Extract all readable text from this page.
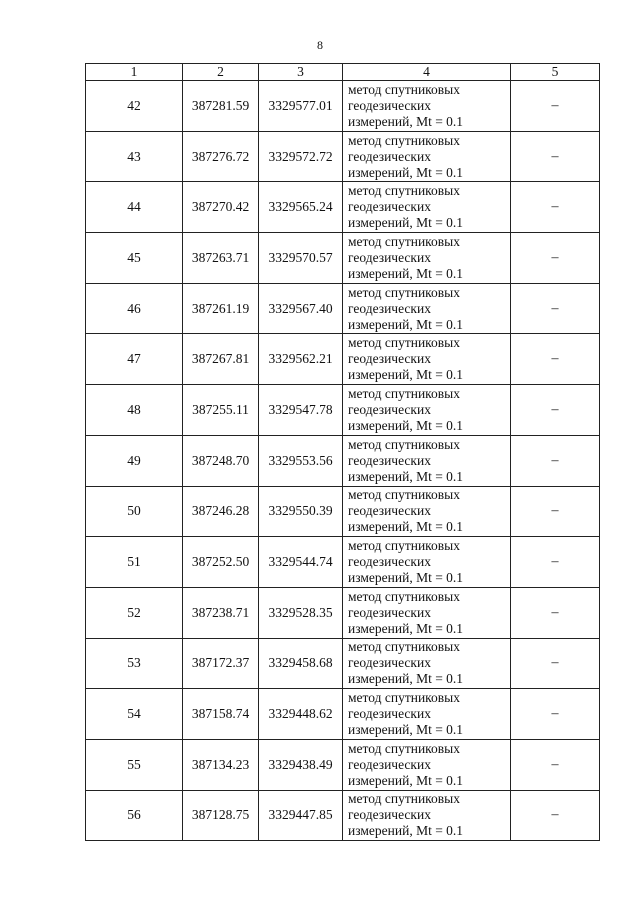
8
1	2	3	4	5
42	387281.59	3329577.01	метод спутниковых
геодезических
измерений, Mt = 0.1	–
43	387276.72	3329572.72	метод спутниковых
геодезических
измерений, Mt = 0.1	–
44	387270.42	3329565.24	метод спутниковых
геодезических
измерений, Mt = 0.1	–
45	387263.71	3329570.57	метод спутниковых
геодезических
измерений, Mt = 0.1	–
46	387261.19	3329567.40	метод спутниковых
геодезических
измерений, Mt = 0.1	–
47	387267.81	3329562.21	метод спутниковых
геодезических
измерений, Mt = 0.1	–
48	387255.11	3329547.78	метод спутниковых
геодезических
измерений, Mt = 0.1	–
49	387248.70	3329553.56	метод спутниковых
геодезических
измерений, Mt = 0.1	–
50	387246.28	3329550.39	метод спутниковых
геодезических
измерений, Mt = 0.1	–
51	387252.50	3329544.74	метод спутниковых
геодезических
измерений, Mt = 0.1	–
52	387238.71	3329528.35	метод спутниковых
геодезических
измерений, Mt = 0.1	–
53	387172.37	3329458.68	метод спутниковых
геодезических
измерений, Mt = 0.1	–
54	387158.74	3329448.62	метод спутниковых
геодезических
измерений, Mt = 0.1	–
55	387134.23	3329438.49	метод спутниковых
геодезических
измерений, Mt = 0.1	–
56	387128.75	3329447.85	метод спутниковых
геодезических
измерений, Mt = 0.1	–
